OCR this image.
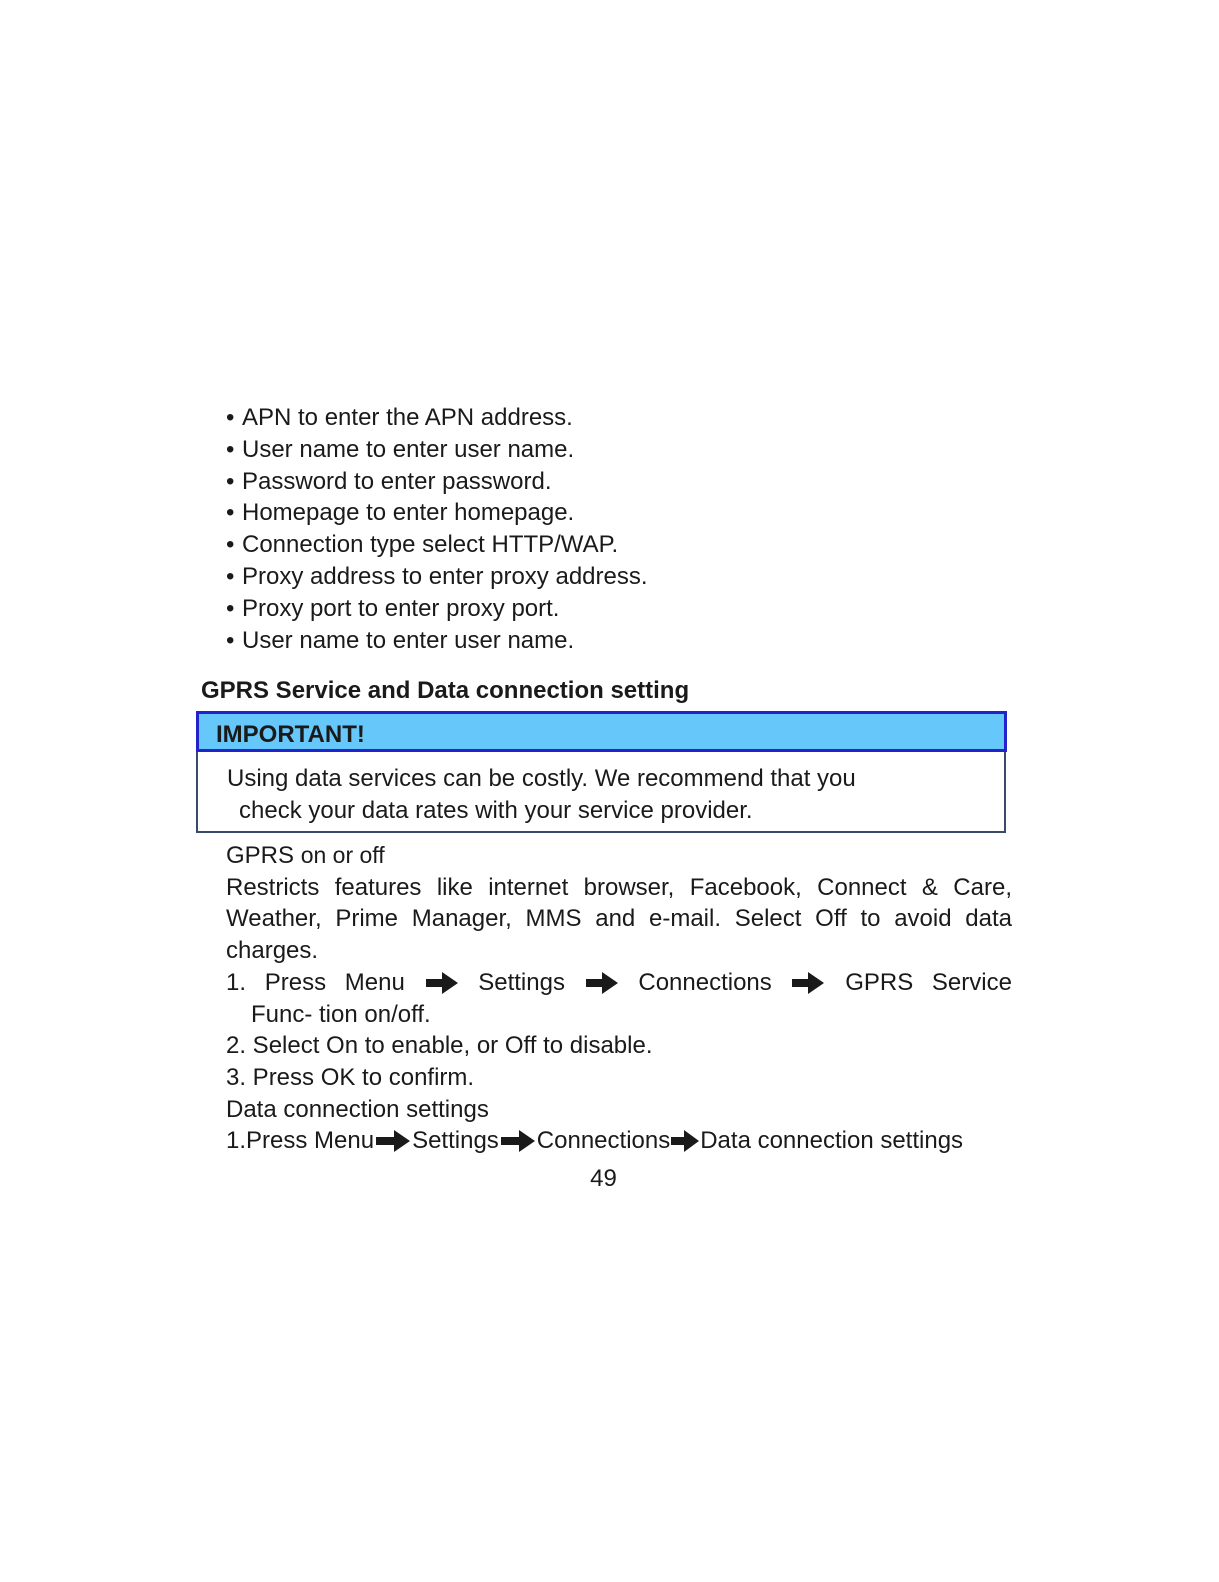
• APN to enter the APN address.
• User name to enter user name.
• Password to enter password.
• Homepage to enter homepage.
• Connection type select HTTP/WAP.
• Proxy address to enter proxy address.
• Proxy port to enter proxy port.
• User name to enter user name.
GPRS Service and Data connection setting
IMPORTANT!

Using data services can be costly. We recommend that you
check your data rates with your service provider.

GPRS on or off
Restricts features like internet browser, Facebook, Connect & Care, Weather, Prime Manager, MMS and e-mail. Select Off to avoid data charges.
1. Press Menu	Settings	Connections	GPRS Service
Func- tion on/off.
2. Select On to enable, or Off to disable.
3. Press OK to confirm.
Data connection settings
1.Press Menu Settings Connections Data connection settings
49
